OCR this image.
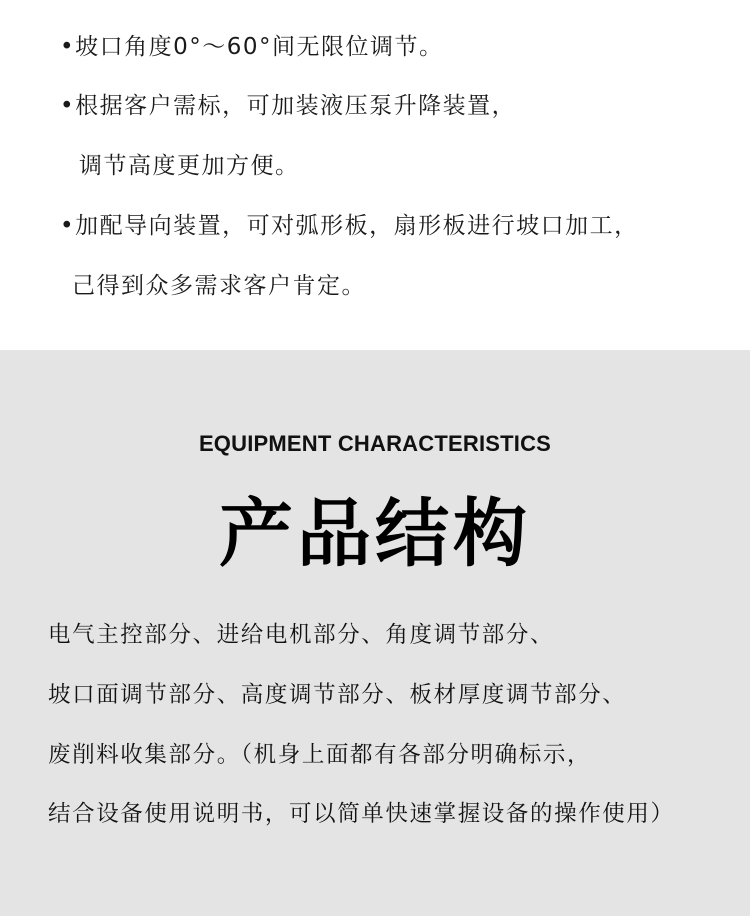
•坡口角度0°～60°间无限位调节。
•根据客户需标，可加装液压泵升降装置，
调节高度更加方便。
•加配导向装置，可对弧形板，扇形板进行坡口加工，
己得到众多需求客户肯定。
EQUIPMENT CHARACTERISTICS
产品结构
电气主控部分、进给电机部分、角度调节部分、
坡口面调节部分、高度调节部分、板材厚度调节部分、
废削料收集部分。（机身上面都有各部分明确标示，
结合设备使用说明书，可以简单快速掌握设备的操作使用）
